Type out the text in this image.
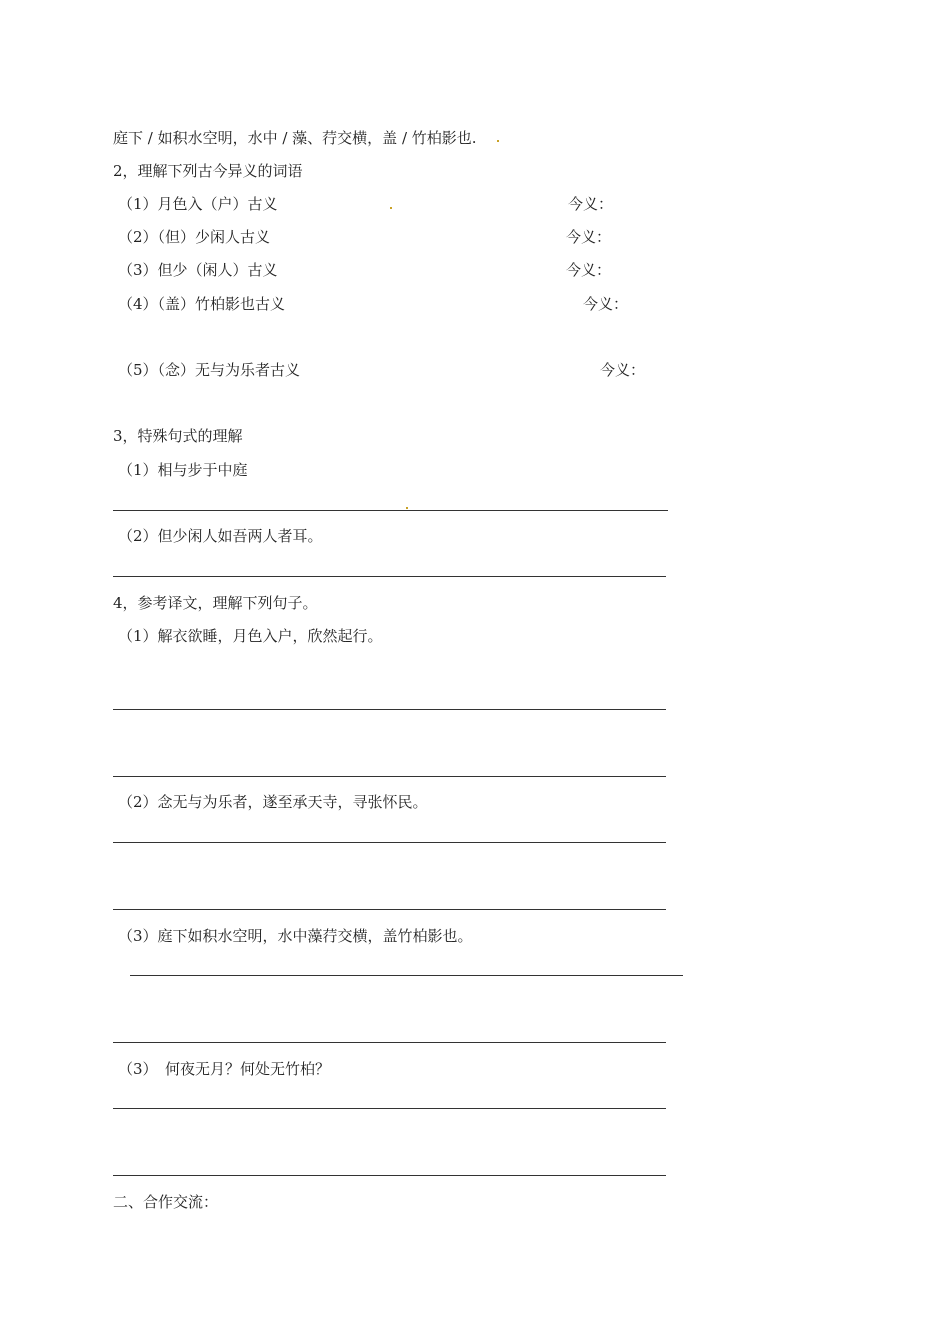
庭下 / 如积水空明，水中 / 藻、荇交横，盖 / 竹柏影也.
2，理解下列古今异义的词语
（1）月色入（户）古义	今义：
（2）（但）少闲人古义	今义：
（3）但少（闲人）古义	今义：
（4）（盖）竹柏影也古义	今义：
（5）（念）无与为乐者古义	今义：
3，特殊句式的理解
（1）相与步于中庭
（2）但少闲人如吾两人者耳。
4，参考译文，理解下列句子。
（1）解衣欲睡，月色入户，欣然起行。
（2）念无与为乐者，遂至承天寺，寻张怀民。
（3）庭下如积水空明，水中藻荇交横，盖竹柏影也。
（3）　何夜无月？何处无竹柏？
二、合作交流：
